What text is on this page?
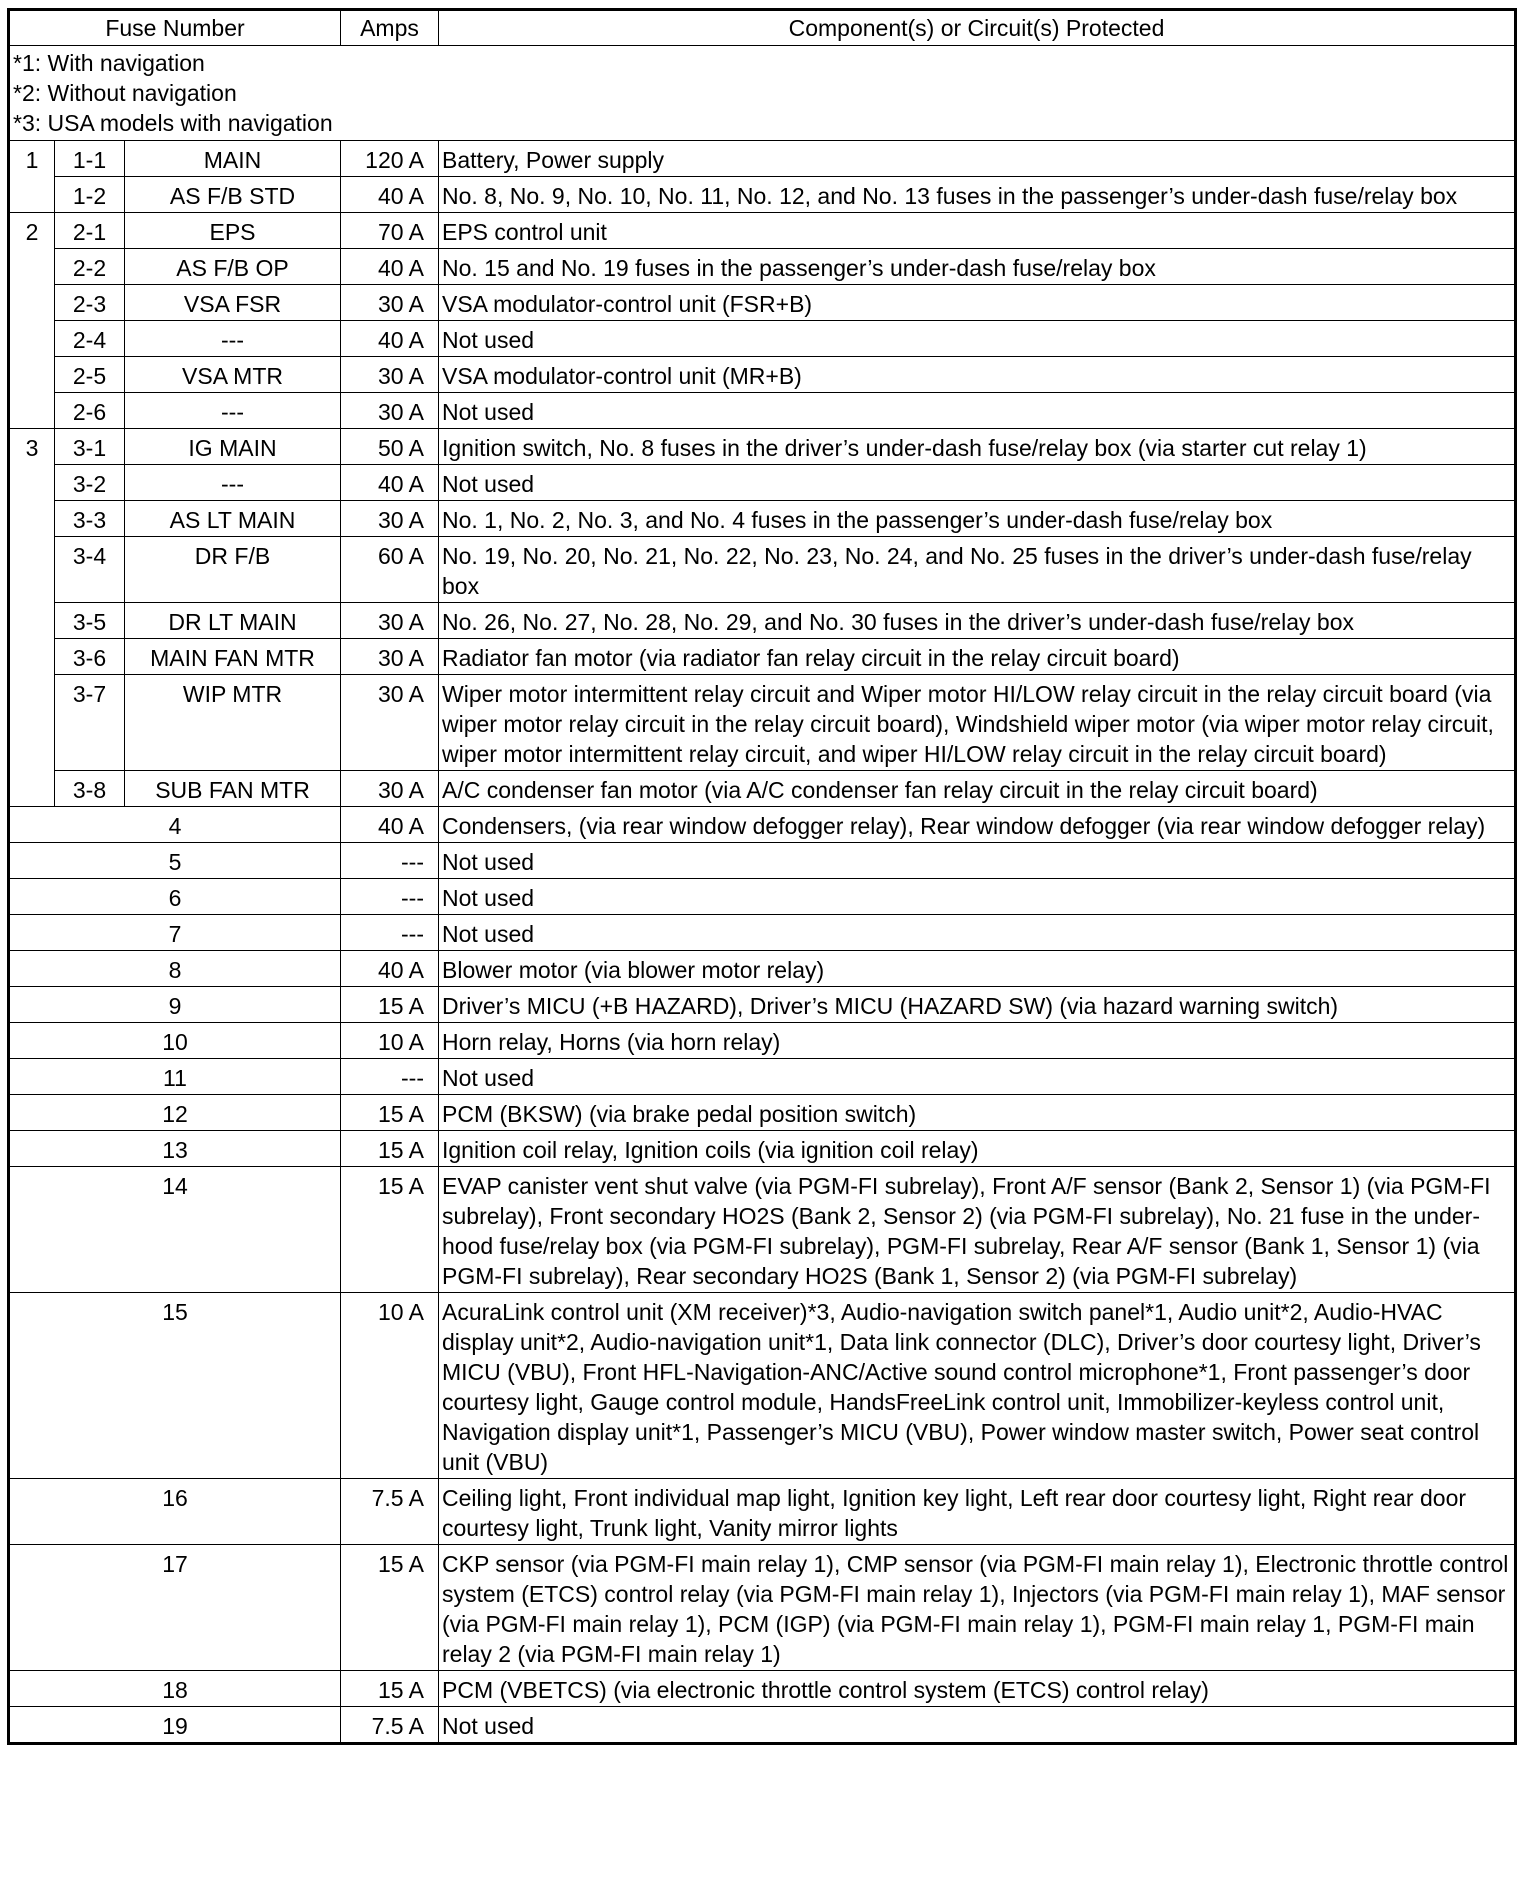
Fuse Number			Amps	Component(s) or Circuit(s) Protected

*1: With navigation
*2: Without navigation
*3: USA models with navigation				

1	1-1	MAIN	120 A	Battery, Power supply
	1-2	AS F/B STD	40 A	No. 8, No. 9, No. 10, No. 11, No. 12, and No. 13 fuses in the passenger’s under-dash fuse/relay box
2	2-1	EPS	70 A	EPS control unit
	2-2	AS F/B OP	40 A	No. 15 and No. 19 fuses in the passenger’s under-dash fuse/relay box
	2-3	VSA FSR	30 A	VSA modulator-control unit (FSR+B)
	2-4	---	40 A	Not used
	2-5	VSA MTR	30 A	VSA modulator-control unit (MR+B)
	2-6	---	30 A	Not used
3	3-1	IG MAIN	50 A	Ignition switch, No. 8 fuses in the driver’s under-dash fuse/relay box (via starter cut relay 1)
	3-2	---	40 A	Not used
	3-3	AS LT MAIN	30 A	No. 1, No. 2, No. 3, and No. 4 fuses in the passenger’s under-dash fuse/relay box
	3-4	DR F/B	60 A	No. 19, No. 20, No. 21, No. 22, No. 23, No. 24, and No. 25 fuses in the driver’s under-dash fuse/relay box
	3-5	DR LT MAIN	30 A	No. 26, No. 27, No. 28, No. 29, and No. 30 fuses in the driver’s under-dash fuse/relay box
	3-6	MAIN FAN MTR	30 A	Radiator fan motor (via radiator fan relay circuit in the relay circuit board)
	3-7	WIP MTR	30 A	Wiper motor intermittent relay circuit and Wiper motor HI/LOW relay circuit in the relay circuit board (via wiper motor relay circuit in the relay circuit board), Windshield wiper motor (via wiper motor relay circuit, wiper motor intermittent relay circuit, and wiper HI/LOW relay circuit in the relay circuit board)
	3-8	SUB FAN MTR	30 A	A/C condenser fan motor (via A/C condenser fan relay circuit in the relay circuit board)
4			40 A	Condensers, (via rear window defogger relay), Rear window defogger (via rear window defogger relay)
5			---	Not used
6			---	Not used
7			---	Not used
8			40 A	Blower motor (via blower motor relay)
9			15 A	Driver’s MICU (+B HAZARD), Driver’s MICU (HAZARD SW) (via hazard warning switch)
10			10 A	Horn relay, Horns (via horn relay)
11			---	Not used
12			15 A	PCM (BKSW) (via brake pedal position switch)
13			15 A	Ignition coil relay, Ignition coils (via ignition coil relay)
14			15 A	EVAP canister vent shut valve (via PGM-FI subrelay), Front A/F sensor (Bank 2, Sensor 1) (via PGM-FI subrelay), Front secondary HO2S (Bank 2, Sensor 2) (via PGM-FI subrelay), No. 21 fuse in the under-hood fuse/relay box (via PGM-FI subrelay), PGM-FI subrelay, Rear A/F sensor (Bank 1, Sensor 1) (via PGM-FI subrelay), Rear secondary HO2S (Bank 1, Sensor 2) (via PGM-FI subrelay)
15			10 A	AcuraLink control unit (XM receiver)*3, Audio-navigation switch panel*1, Audio unit*2, Audio-HVAC display unit*2, Audio-navigation unit*1, Data link connector (DLC), Driver’s door courtesy light, Driver’s MICU (VBU), Front HFL-Navigation-ANC/Active sound control microphone*1, Front passenger’s door courtesy light, Gauge control module, HandsFreeLink control unit, Immobilizer-keyless control unit, Navigation display unit*1, Passenger’s MICU (VBU), Power window master switch, Power seat control unit (VBU)
16			7.5 A	Ceiling light, Front individual map light, Ignition key light, Left rear door courtesy light, Right rear door courtesy light, Trunk light, Vanity mirror lights
17			15 A	CKP sensor (via PGM-FI main relay 1), CMP sensor (via PGM-FI main relay 1), Electronic throttle control system (ETCS) control relay (via PGM-FI main relay 1), Injectors (via PGM-FI main relay 1), MAF sensor (via PGM-FI main relay 1), PCM (IGP) (via PGM-FI main relay 1), PGM-FI main relay 1, PGM-FI main relay 2 (via PGM-FI main relay 1)
18			15 A	PCM (VBETCS) (via electronic throttle control system (ETCS) control relay)
19			7.5 A	Not used
